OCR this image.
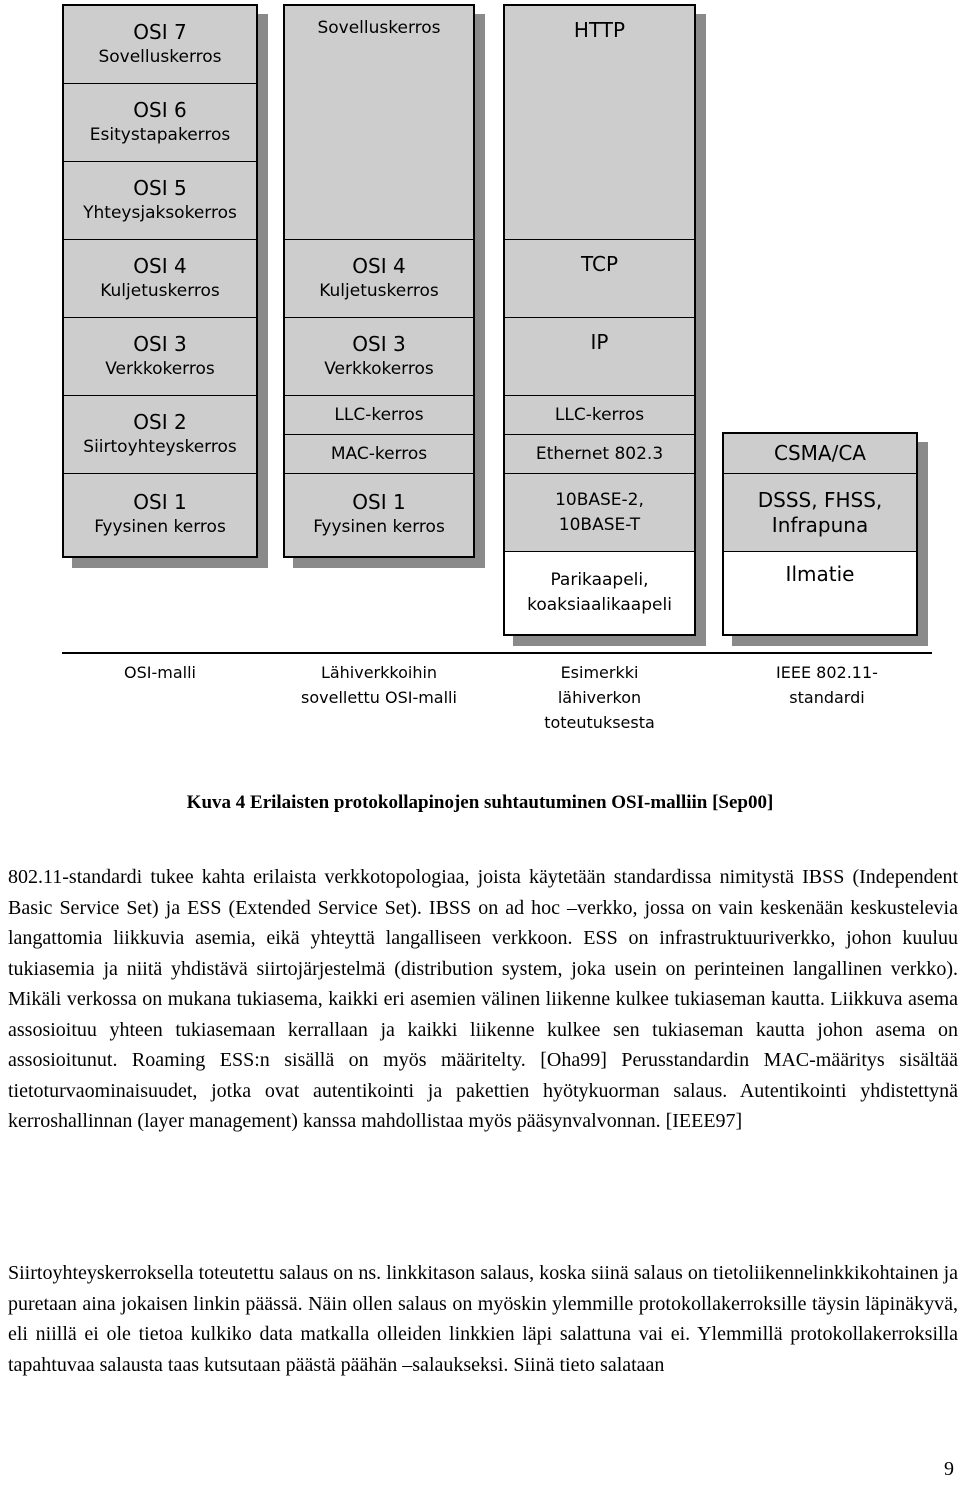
OSI 7
Sovelluskerros
OSI 6
Esitystapakerros
OSI 5
Yhteysjaksokerros
OSI 4
Kuljetuskerros
OSI 3
Verkkokerros
OSI 2
Siirtoyhteyskerros
OSI 1
Fyysinen kerros
Sovelluskerros
OSI 4
Kuljetuskerros
OSI 3
Verkkokerros
LLC-kerros
MAC-kerros
OSI 1
Fyysinen kerros
HTTP
TCP
IP
LLC-kerros
Ethernet 802.3
10BASE-2,
10BASE-T
Parikaapeli,
koaksiaalikaapeli
CSMA/CA
DSSS, FHSS,
Infrapuna
Ilmatie
OSI-malli	Lähiverkkoihin
sovellettu OSI-malli
Esimerkki
lähiverkon
toteutuksesta
IEEE 802.11-
standardi
Kuva 4 Erilaisten protokollapinojen suhtautuminen OSI-malliin [Sep00]

802.11-standardi tukee kahta erilaista verkkotopologiaa, joista käytetään standardissa nimitystä IBSS (Independent Basic Service Set) ja ESS (Extended Service Set). IBSS on ad hoc –verkko, jossa on vain keskenään keskustelevia langattomia liikkuvia asemia, eikä yhteyttä langalliseen verkkoon. ESS on infrastruktuuriverkko, johon kuuluu tukiasemia ja niitä yhdistävä siirtojärjestelmä (distribution system, joka usein on perinteinen langallinen verkko). Mikäli verkossa on mukana tukiasema, kaikki eri asemien välinen liikenne kulkee tukiaseman kautta. Liikkuva asema assosioituu yhteen tukiasemaan kerrallaan ja kaikki liikenne kulkee sen tukiaseman kautta johon asema on assosioitunut. Roaming ESS:n sisällä on myös määritelty. [Oha99] Perusstandardin MAC-määritys sisältää tietoturvaominaisuudet, jotka ovat autentikointi ja pakettien hyötykuorman salaus. Autentikointi yhdistettynä kerroshallinnan (layer management) kanssa mahdollistaa myös pääsynvalvonnan. [IEEE97]

Siirtoyhteyskerroksella toteutettu salaus on ns. linkkitason salaus, koska siinä salaus on tietoliikennelinkkikohtainen ja puretaan aina jokaisen linkin päässä. Näin ollen salaus on myöskin ylemmille protokollakerroksille täysin läpinäkyvä, eli niillä ei ole tietoa kulkiko data matkalla olleiden linkkien läpi salattuna vai ei. Ylemmillä protokollakerroksilla tapahtuvaa salausta taas kutsutaan päästä päähän –salaukseksi. Siinä tieto salataan

9
